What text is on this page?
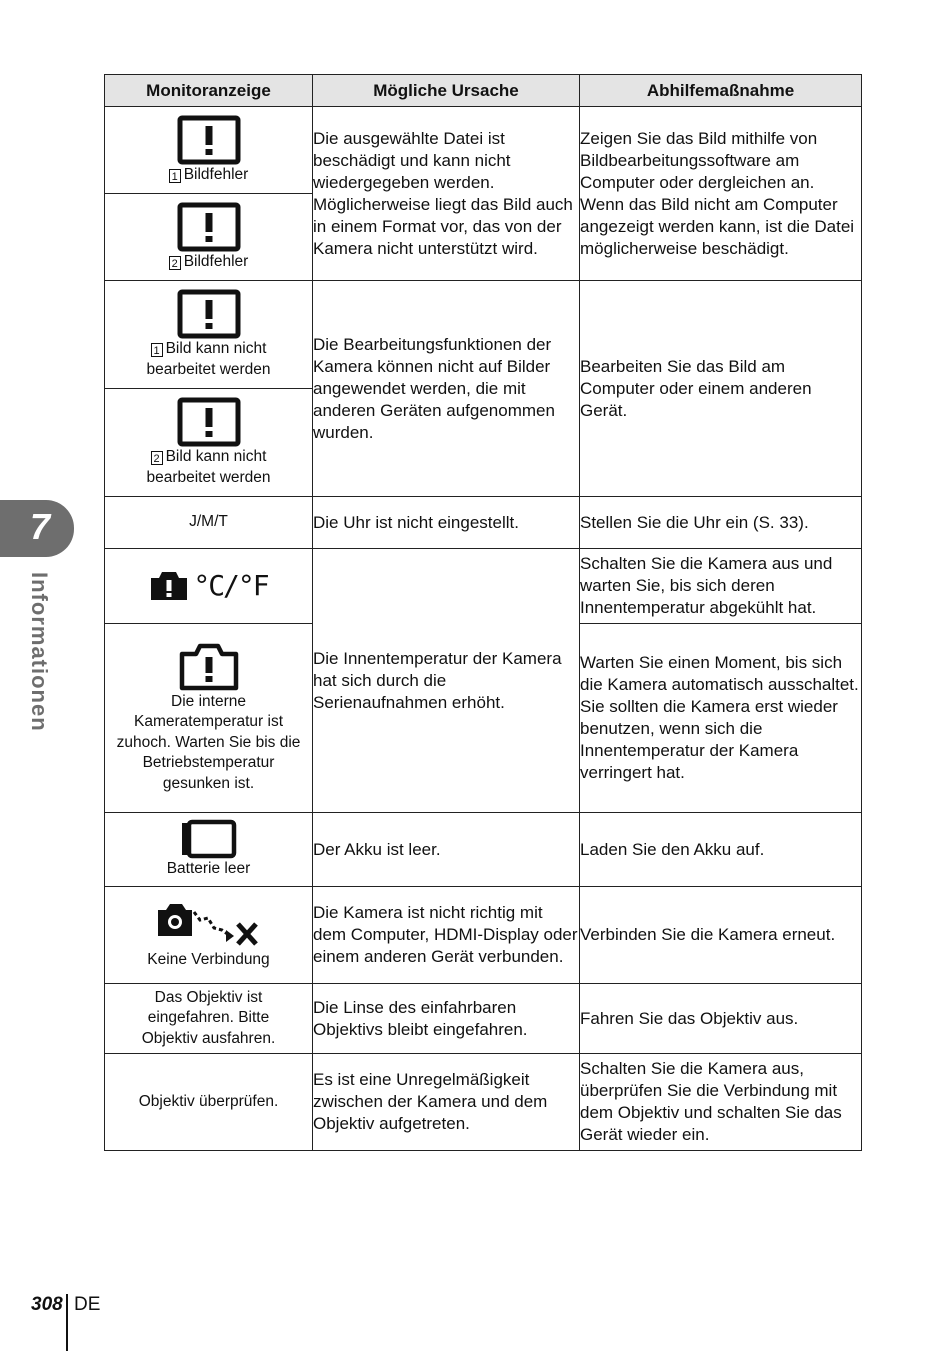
Monitoranzeige	Mögliche Ursache	Abhilfemaßnahme

1 Bildfehler	Die ausgewählte Datei ist beschädigt und kann nicht wiedergegeben werden. Möglicherweise liegt das Bild auch in einem Format vor, das von der Kamera nicht unterstützt wird.	Zeigen Sie das Bild mithilfe von Bildbearbeitungssoftware am Computer oder dergleichen an. Wenn das Bild nicht am Computer angezeigt werden kann, ist die Datei möglicherweise beschädigt.

2 Bildfehler		

1 Bild kann nicht
bearbeitet werden	Die Bearbeitungsfunktionen der Kamera können nicht auf Bilder angewendet werden, die mit anderen Geräten aufgenommen wurden.	Bearbeiten Sie das Bild am Computer oder einem anderen Gerät.

2 Bild kann nicht
bearbeitet werden		

J/M/T	Die Uhr ist nicht eingestellt.	Stellen Sie die Uhr ein (S. 33).

°C/°F	Die Innentemperatur der Kamera hat sich durch die Serienaufnahmen erhöht.	Schalten Sie die Kamera aus und warten Sie, bis sich deren Innentemperatur abgekühlt hat.

Die interne Kameratemperatur ist zuhoch. Warten Sie bis die Betriebstemperatur gesunken ist.		Warten Sie einen Moment, bis sich die Kamera automatisch ausschaltet.
Sie sollten die Kamera erst wieder benutzen, wenn sich die Innentemperatur der Kamera verringert hat.

Batterie leer	Der Akku ist leer.	Laden Sie den Akku auf.

Keine Verbindung	Die Kamera ist nicht richtig mit dem Computer, HDMI-Display oder einem anderen Gerät verbunden.	Verbinden Sie die Kamera erneut.
Das Objektiv ist eingefahren. Bitte Objektiv ausfahren.	Die Linse des einfahrbaren Objektivs bleibt eingefahren.	Fahren Sie das Objektiv aus.
Objektiv überprüfen.	Es ist eine Unregelmäßigkeit zwischen der Kamera und dem Objektiv aufgetreten.	Schalten Sie die Kamera aus, überprüfen Sie die Verbindung mit dem Objektiv und schalten Sie das Gerät wieder ein.
7
Informationen
308 DE
